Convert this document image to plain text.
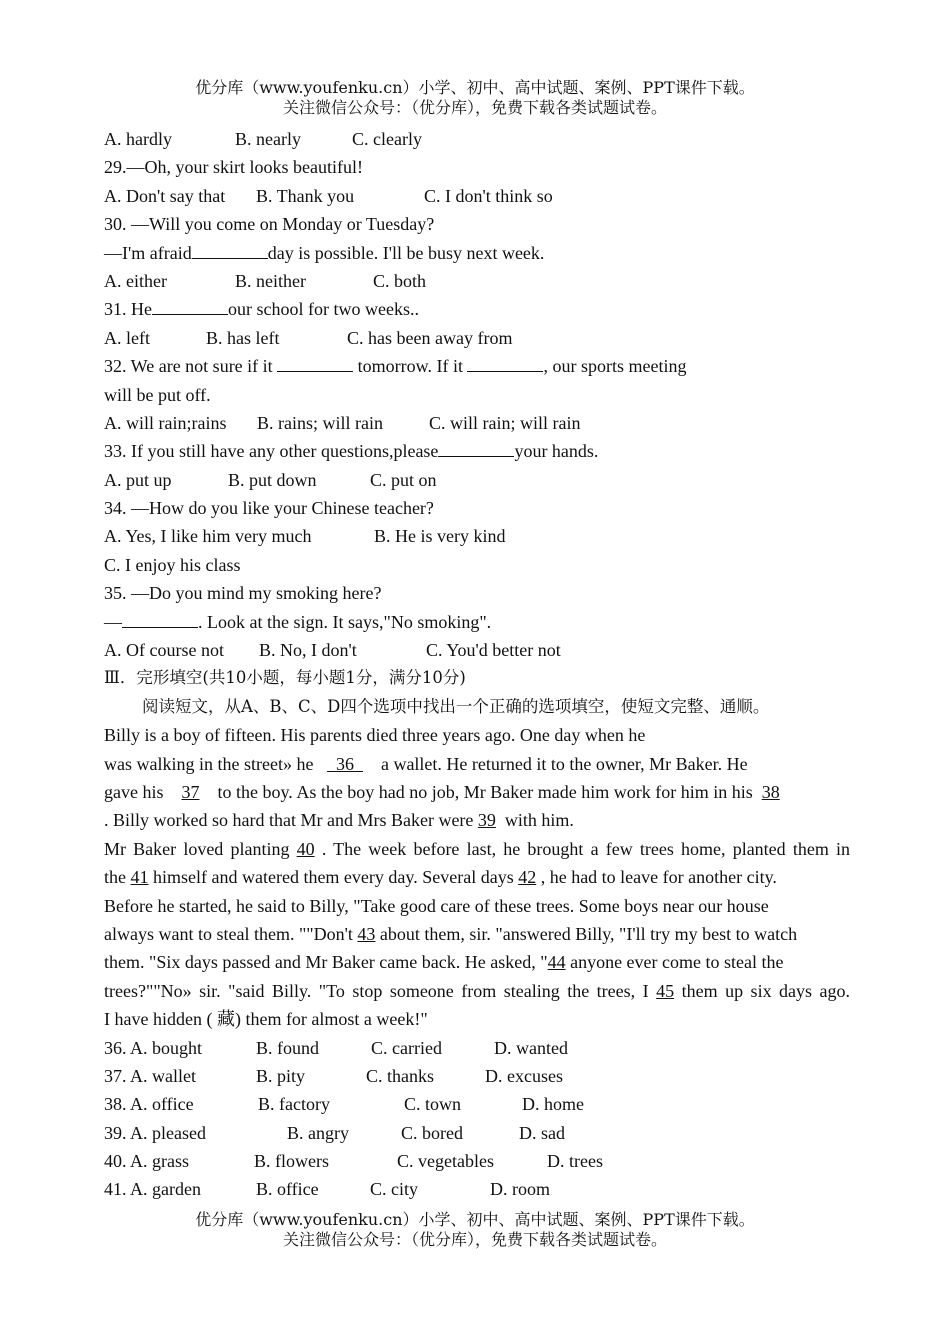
优分库（www.youfenku.cn）小学、初中、高中试题、案例、PPT课件下载。
关注微信公众号：（优分库），免费下载各类试题试卷。
A. hardly	B. nearly	C. clearly
29.—Oh, your skirt looks beautiful!
A. Don't say that B. Thank you	C. I don't think so
30. —Will you come on Monday or Tuesday?
—I'm afraid	day is possible. I'll be busy next week.
A. either	B. neither	C. both
31. He	our school for two weeks..
A. left	B. has left	C. has been away from
32. We are not sure if it	tomorrow. If it	, our sports meeting
will be put off.
A. will rain;rains B. rains; will rain	C. will rain; will rain
33. If you still have any other questions,please	your hands.
A. put up	B. put down	C. put on
34. —How do you like your Chinese teacher?
A. Yes, I like him very much	B. He is very kind
C. I enjoy his class
35. —Do you mind my smoking here?
—	. Look at the sign. It says,"No smoking".
A. Of course not B. No, I don't	C. You'd better not
Ⅲ．完形填空(共10小题，每小题1分，满分10分)
阅读短文，从A、B、C、D四个选项中找出一个正确的选项填空，使短文完整、通顺。
Billy is a boy of fifteen. His parents died three years ago. One day when he
was walking in the street» he 36 a wallet. He returned it to the owner, Mr Baker. He
gave his 37 to the boy. As the boy had no job, Mr Baker made him work for him in his 38
. Billy worked so hard that Mr and Mrs Baker were 39 with him.
Mr Baker loved planting 40 . The week before last, he brought a few trees home, planted them in
the 41 himself and watered them every day. Several days 42 , he had to leave for another city.
Before he started, he said to Billy, "Take good care of these trees. Some boys near our house
always want to steal them. ""Don't 43 about them, sir. "answered Billy, "I'll try my best to watch
them. "Six days passed and Mr Baker came back. He asked, "44 anyone ever come to steal the
trees?""No» sir. "said Billy. "To stop someone from stealing the trees, I 45 them up six days ago.
I have hidden ( 藏) them for almost a week!"
36. A. bought	B. found	C. carried	D. wanted
37. A. wallet	B. pity	C. thanks	D. excuses
38. A. office	B. factory	C. town	D. home
39. A. pleased	B. angry	C. bored	D. sad
40. A. grass	B. flowers	C. vegetables	D. trees
41. A. garden	B. office	C. city	D. room
优分库（www.youfenku.cn）小学、初中、高中试题、案例、PPT课件下载。
关注微信公众号：（优分库），免费下载各类试题试卷。
